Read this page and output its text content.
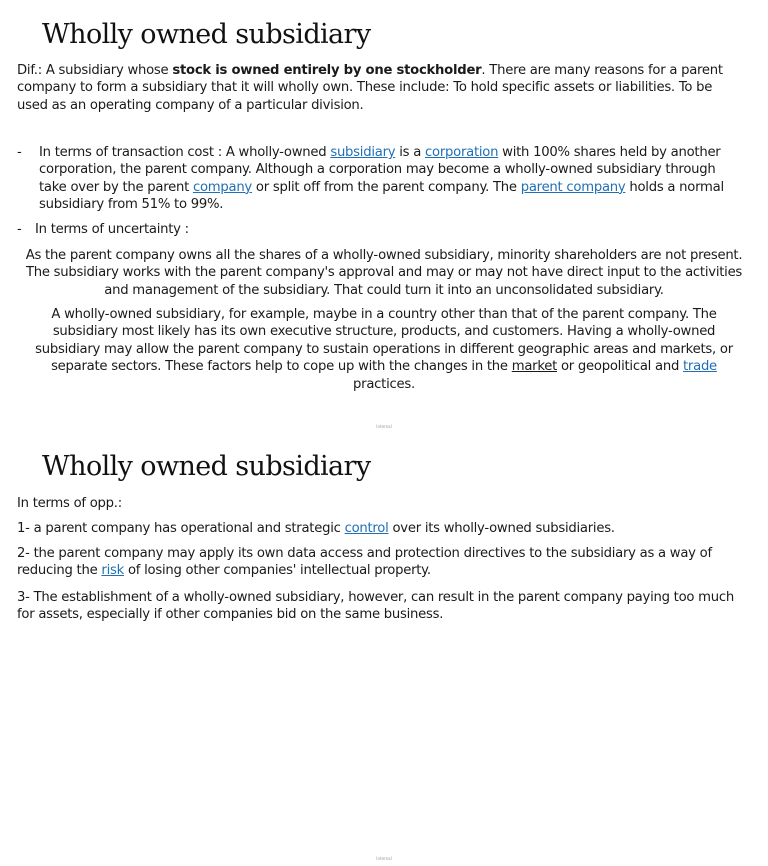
Wholly owned subsidiary

Dif.: A subsidiary whose stock is owned entirely by one stockholder. There are many reasons for a parent company to form a subsidiary that it will wholly own. These include: To hold specific assets or liabilities. To be used as an operating company of a particular division.

- In terms of transaction cost : A wholly-owned subsidiary is a corporation with 100% shares held by another corporation, the parent company. Although a corporation may become a wholly-owned subsidiary through take over by the parent company or split off from the parent company. The parent company holds a normal subsidiary from 51% to 99%.

- In terms of uncertainty :

As the parent company owns all the shares of a wholly-owned subsidiary, minority shareholders are not present. The subsidiary works with the parent company's approval and may or may not have direct input to the activities and management of the subsidiary. That could turn it into an unconsolidated subsidiary.

A wholly-owned subsidiary, for example, maybe in a country other than that of the parent company. The subsidiary most likely has its own executive structure, products, and customers. Having a wholly-owned subsidiary may allow the parent company to sustain operations in different geographic areas and markets, or separate sectors. These factors help to cope up with the changes in the market or geopolitical and trade practices.

Internal
Wholly owned subsidiary

In terms of opp.:

1- a parent company has operational and strategic control over its wholly-owned subsidiaries.

2- the parent company may apply its own data access and protection directives to the subsidiary as a way of reducing the risk of losing other companies' intellectual property.

3- The establishment of a wholly-owned subsidiary, however, can result in the parent company paying too much for assets, especially if other companies bid on the same business.

Internal
